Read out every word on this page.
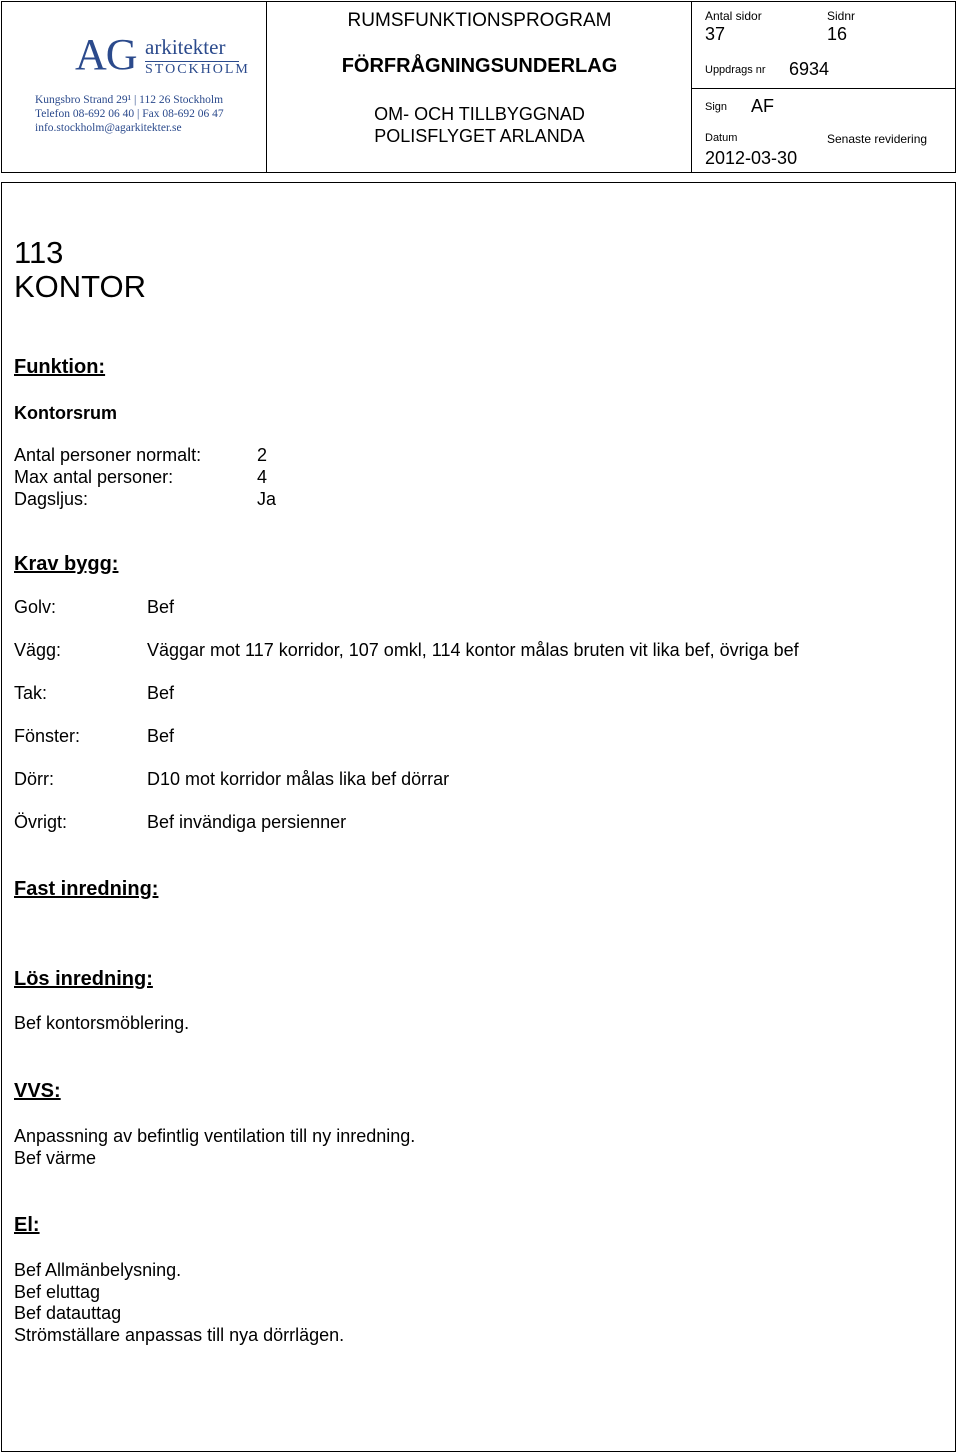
AG arkitekter
STOCKHOLM
Kungsbro Strand 29¹ | 112 26 Stockholm
Telefon 08-692 06 40 | Fax 08-692 06 47
info.stockholm@agarkitekter.se
RUMSFUNKTIONSPROGRAM
FÖRFRÅGNINGSUNDERLAG
OM- OCH TILLBYGGNAD
POLISFLYGET ARLANDA
Antal sidor
37
Sidnr
16
Uppdrags nr 6934
Sign AF
Datum
2012-03-30
Senaste revidering
113
KONTOR
Funktion:
Kontorsrum
Antal personer normalt:	2
Max antal personer:	4
Dagsljus:	Ja
Krav bygg:
Golv:	Bef
Vägg:	Väggar mot 117 korridor, 107 omkl, 114 kontor målas bruten vit lika bef, övriga bef
Tak:	Bef
Fönster:	Bef
Dörr:	D10 mot korridor målas lika bef dörrar
Övrigt:	Bef invändiga persienner
Fast inredning:
Lös inredning:
Bef kontorsmöblering.
VVS:
Anpassning av befintlig ventilation till ny inredning.
Bef värme
El:
Bef Allmänbelysning.
Bef eluttag
Bef datauttag
Strömställare anpassas till nya dörrlägen.
